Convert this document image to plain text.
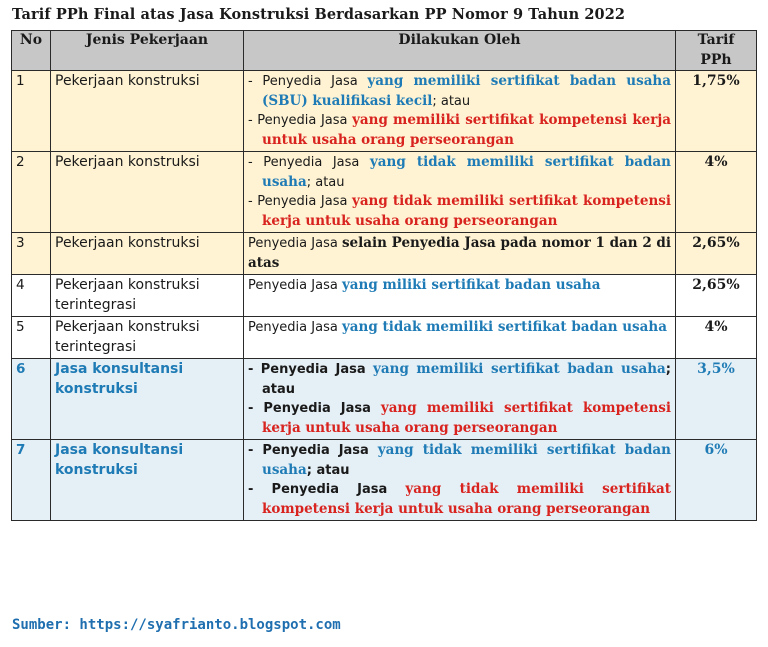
Tarif PPh Final atas Jasa Konstruksi Berdasarkan PP Nomor 9 Tahun 2022
No	Jenis Pekerjaan	Dilakukan Oleh	Tarif
PPh

1	Pekerjaan konstruksi	- Penyedia Jasa yang memiliki sertifikat badan usaha (SBU) kualifikasi kecil; atau
- Penyedia Jasa yang memiliki sertifikat kompetensi kerja untuk usaha orang perseorangan	1,75%
2	Pekerjaan konstruksi	- Penyedia Jasa yang tidak memiliki sertifikat badan usaha; atau
- Penyedia Jasa yang tidak memiliki sertifikat kompetensi kerja untuk usaha orang perseorangan	4%
3	Pekerjaan konstruksi	Penyedia Jasa selain Penyedia Jasa pada nomor 1 dan 2 di atas	2,65%
4	Pekerjaan konstruksi terintegrasi	Penyedia Jasa yang miliki sertifikat badan usaha	2,65%
5	Pekerjaan konstruksi terintegrasi	Penyedia Jasa yang tidak memiliki sertifikat badan usaha	4%
6	Jasa konsultansi konstruksi	- Penyedia Jasa yang memiliki sertifikat badan usaha; atau
- Penyedia Jasa yang memiliki sertifikat kompetensi kerja untuk usaha orang perseorangan	3,5%
7	Jasa konsultansi konstruksi	- Penyedia Jasa yang tidak memiliki sertifikat badan usaha; atau
- Penyedia Jasa yang tidak memiliki sertifikat kompetensi kerja untuk usaha orang perseorangan	6%
Sumber: https://syafrianto.blogspot.com
